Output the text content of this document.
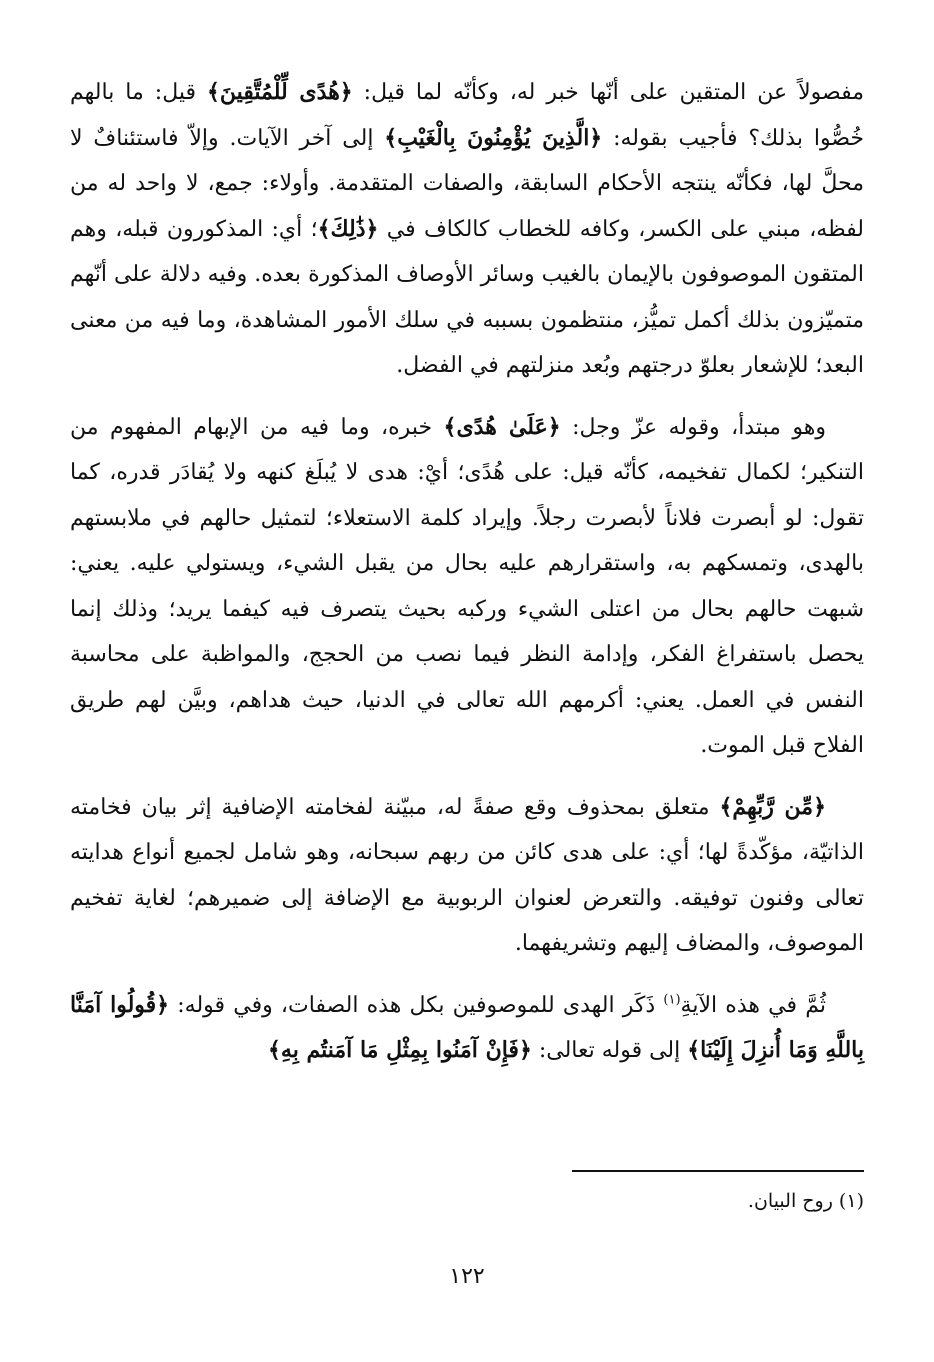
مفصولاً عن المتقين على أنّها خبر له، وكأنّه لما قيل: ﴿هُدًى لِّلْمُتَّقِينَ﴾ قيل: ما بالهم خُصُّوا بذلك؟ فأجيب بقوله: ﴿الَّذِينَ يُؤْمِنُونَ بِالْغَيْبِ﴾ إلى آخر الآيات. وإلاّ فاستئنافٌ لا محلَّ لها، فكأنّه ينتجه الأحكام السابقة، والصفات المتقدمة. وأولاء: جمع، لا واحد له من لفظه، مبني على الكسر، وكافه للخطاب كالكاف في ﴿ذَٰلِكَ﴾؛ أي: المذكورون قبله، وهم المتقون الموصوفون بالإيمان بالغيب وسائر الأوصاف المذكورة بعده. وفيه دلالة على أنّهم متميّزون بذلك أكمل تميُّز، منتظمون بسببه في سلك الأمور المشاهدة، وما فيه من معنى البعد؛ للإشعار بعلوّ درجتهم وبُعد منزلتهم في الفضل.

وهو مبتدأ، وقوله عزّ وجل: ﴿عَلَىٰ هُدًى﴾ خبره، وما فيه من الإبهام المفهوم من التنكير؛ لكمال تفخيمه، كأنّه قيل: على هُدًى؛ أيْ: هدى لا يُبلَغ كنهه ولا يُقادَر قدره، كما تقول: لو أبصرت فلاناً لأبصرت رجلاً. وإيراد كلمة الاستعلاء؛ لتمثيل حالهم في ملابستهم بالهدى، وتمسكهم به، واستقرارهم عليه بحال من يقبل الشيء، ويستولي عليه. يعني: شبهت حالهم بحال من اعتلى الشيء وركبه بحيث يتصرف فيه كيفما يريد؛ وذلك إنما يحصل باستفراغ الفكر، وإدامة النظر فيما نصب من الحجج، والمواظبة على محاسبة النفس في العمل. يعني: أكرمهم الله تعالى في الدنيا، حيث هداهم، وبيَّن لهم طريق الفلاح قبل الموت.

﴿مِّن رَّبِّهِمْ﴾ متعلق بمحذوف وقع صفةً له، مبيّنة لفخامته الإضافية إثر بيان فخامته الذاتيّة، مؤكّدةً لها؛ أي: على هدى كائن من ربهم سبحانه، وهو شامل لجميع أنواع هدايته تعالى وفنون توفيقه. والتعرض لعنوان الربوبية مع الإضافة إلى ضميرهم؛ لغاية تفخيم الموصوف، والمضاف إليهم وتشريفهما.

ثُمَّ في هذه الآيةِ$^{(١)}$ ذَكَر الهدى للموصوفين بكل هذه الصفات، وفي قوله: ﴿قُولُوا آمَنَّا بِاللَّهِ وَمَا أُنزِلَ إِلَيْنَا﴾ إلى قوله تعالى: ﴿فَإِنْ آمَنُوا بِمِثْلِ مَا آمَنتُم بِهِ﴾

(١) روح البيان.
١٢٢
